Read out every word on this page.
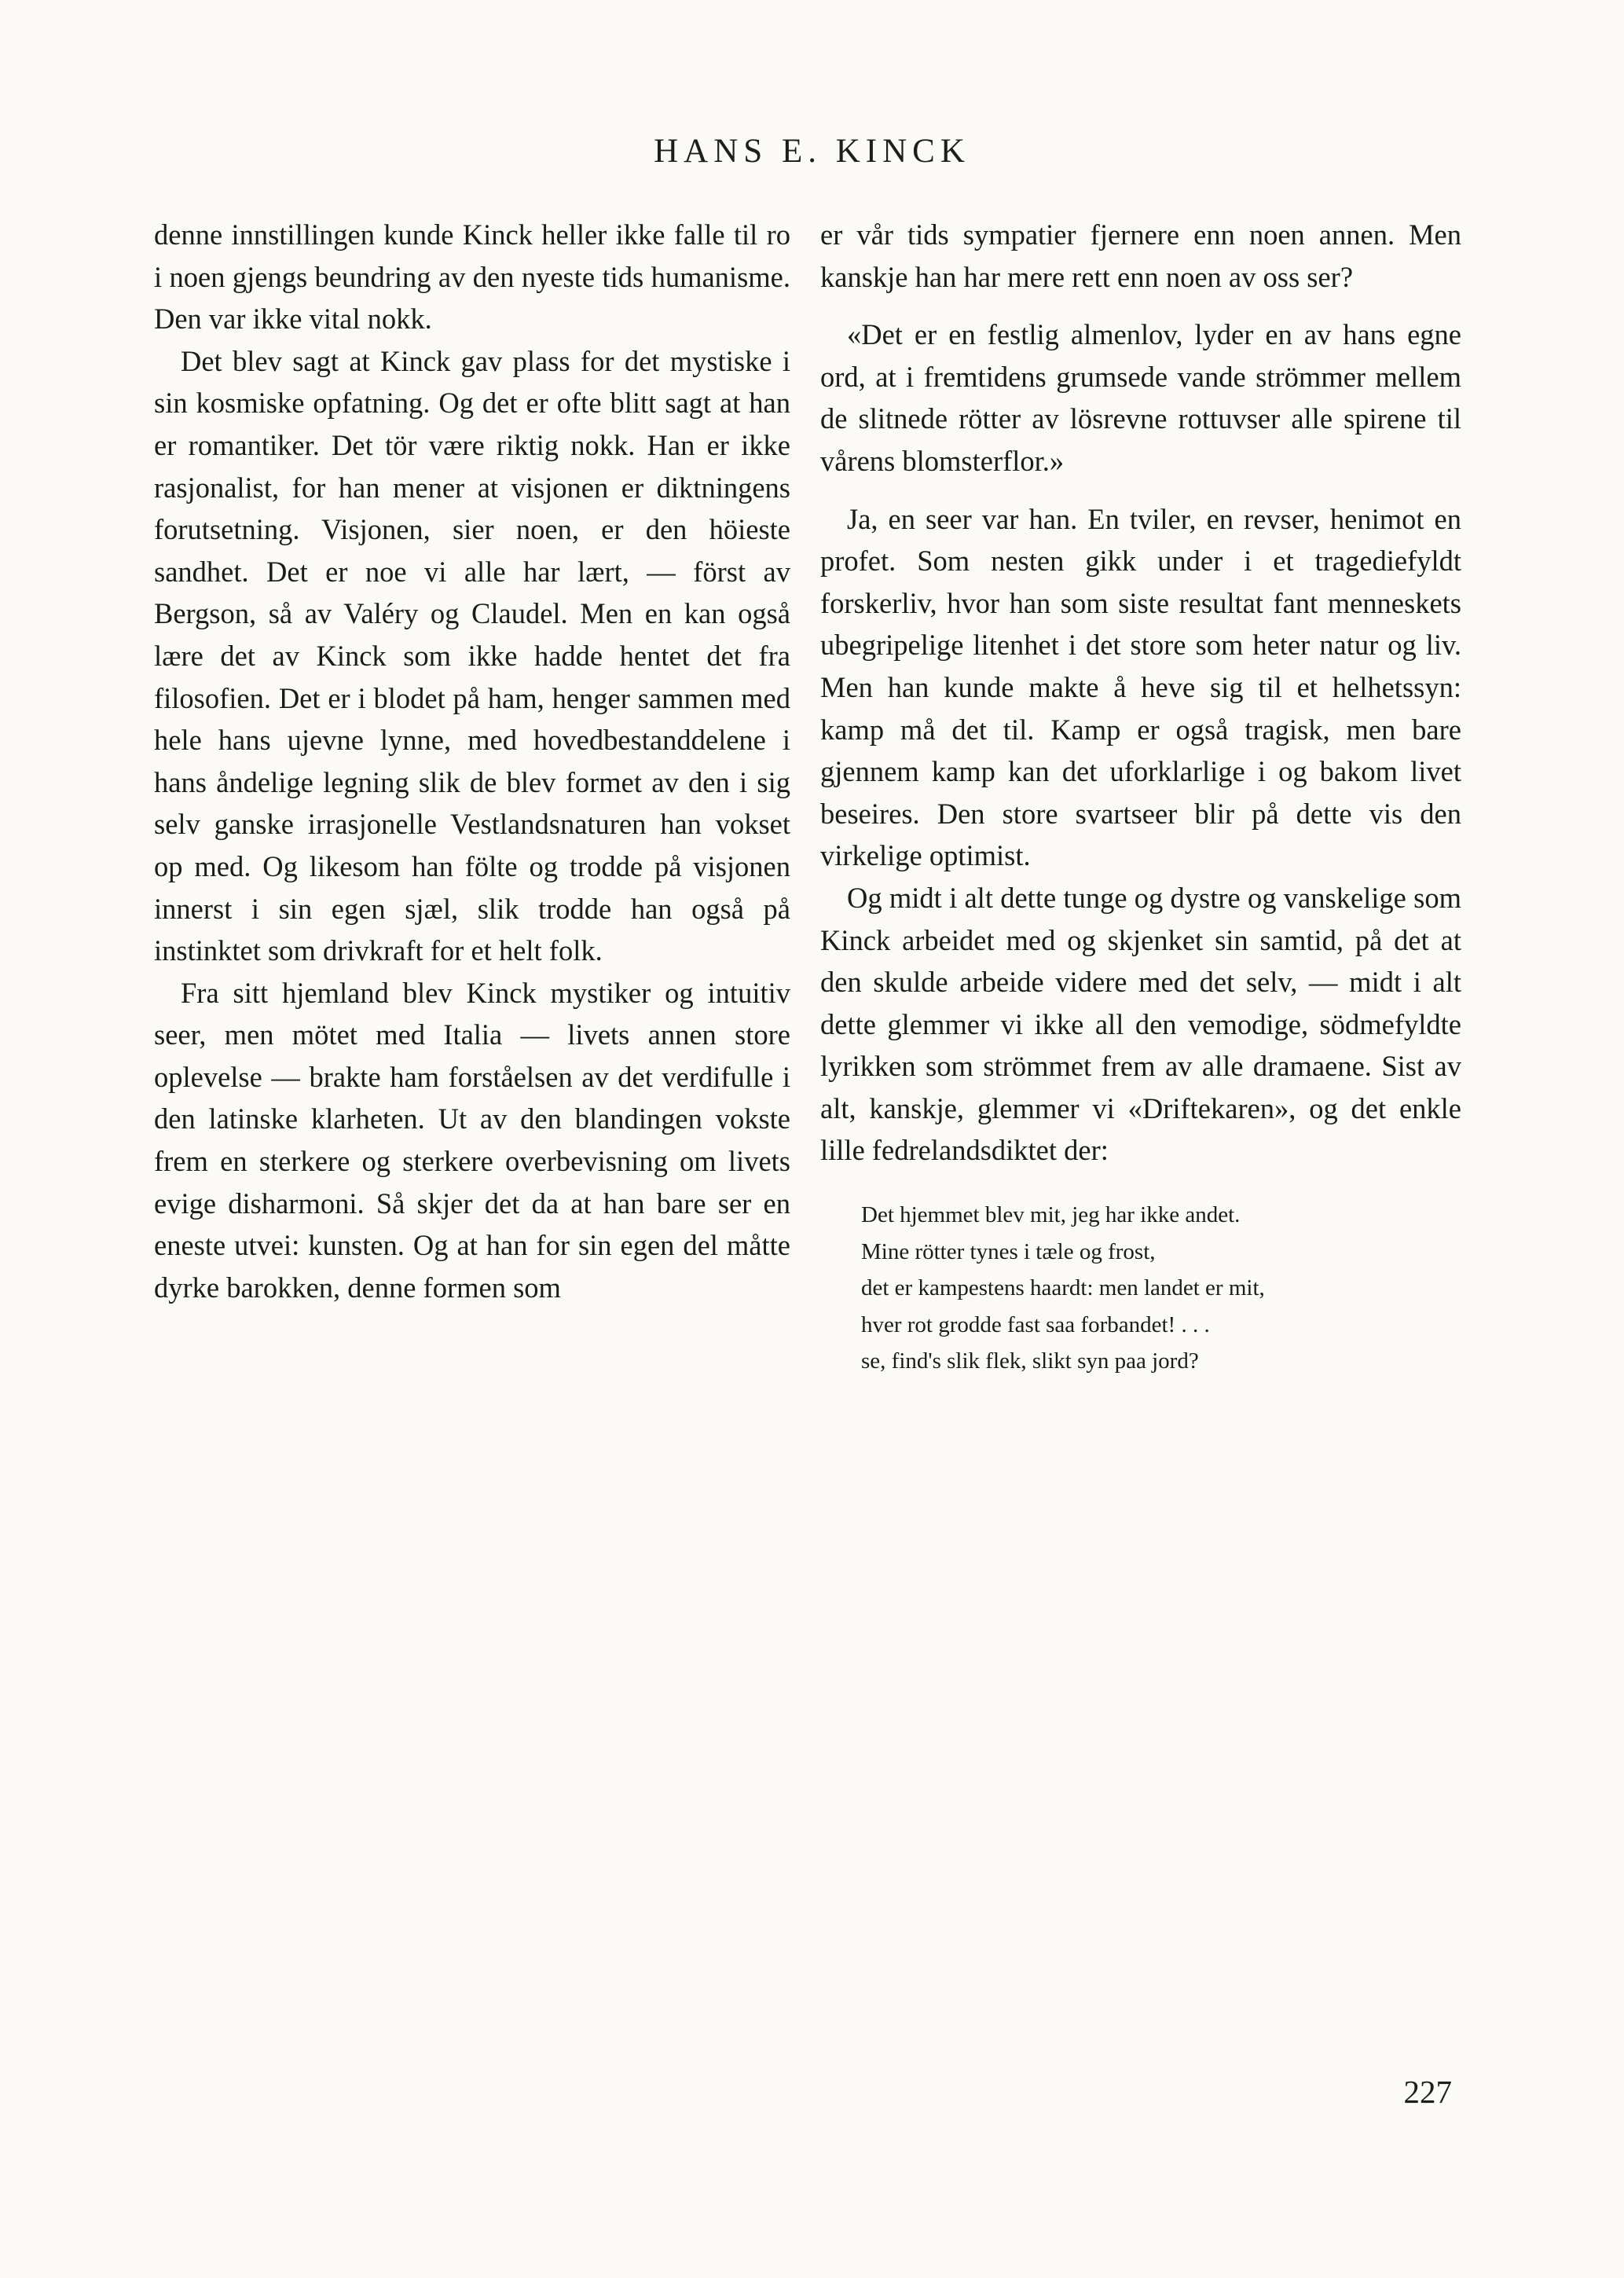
HANS E. KINCK

denne innstillingen kunde Kinck heller ikke falle til ro i noen gjengs beundring av den nyeste tids humanisme. Den var ikke vital nokk.

Det blev sagt at Kinck gav plass for det mystiske i sin kosmiske opfatning. Og det er ofte blitt sagt at han er romantiker. Det tör være riktig nokk. Han er ikke rasjonalist, for han mener at visjonen er diktningens forutsetning. Visjonen, sier noen, er den höieste sandhet. Det er noe vi alle har lært, — först av Bergson, så av Valéry og Claudel. Men en kan også lære det av Kinck som ikke hadde hentet det fra filosofien. Det er i blodet på ham, henger sammen med hele hans ujevne lynne, med hovedbestanddelene i hans åndelige legning slik de blev formet av den i sig selv ganske irrasjonelle Vestlandsnaturen han vokset op med. Og likesom han fölte og trodde på visjonen innerst i sin egen sjæl, slik trodde han også på instinktet som drivkraft for et helt folk.

Fra sitt hjemland blev Kinck mystiker og intuitiv seer, men mötet med Italia — livets annen store oplevelse — brakte ham forståelsen av det verdifulle i den latinske klarheten. Ut av den blandingen vokste frem en sterkere og sterkere overbevisning om livets evige disharmoni. Så skjer det da at han bare ser en eneste utvei: kunsten. Og at han for sin egen del måtte dyrke barokken, denne formen som

er vår tids sympatier fjernere enn noen annen. Men kanskje han har mere rett enn noen av oss ser?

«Det er en festlig almenlov, lyder en av hans egne ord, at i fremtidens grumsede vande strömmer mellem de slitnede rötter av lösrevne rottuvser alle spirene til vårens blomsterflor.»

Ja, en seer var han. En tviler, en revser, henimot en profet. Som nesten gikk under i et tragediefyldt forskerliv, hvor han som siste resultat fant menneskets ubegripelige litenhet i det store som heter natur og liv. Men han kunde makte å heve sig til et helhetssyn: kamp må det til. Kamp er også tragisk, men bare gjennem kamp kan det uforklarlige i og bakom livet beseires. Den store svartseer blir på dette vis den virkelige optimist.

Og midt i alt dette tunge og dystre og vanskelige som Kinck arbeidet med og skjenket sin samtid, på det at den skulde arbeide videre med det selv, — midt i alt dette glemmer vi ikke all den vemodige, södmefyldte lyrikken som strömmet frem av alle dramaene. Sist av alt, kanskje, glemmer vi «Driftekaren», og det enkle lille fedrelandsdiktet der:

Det hjemmet blev mit, jeg har ikke andet.
Mine rötter tynes i tæle og frost,
det er kampestens haardt: men landet er mit,
hver rot grodde fast saa forbandet! . . .
se, find's slik flek, slikt syn paa jord?
227
